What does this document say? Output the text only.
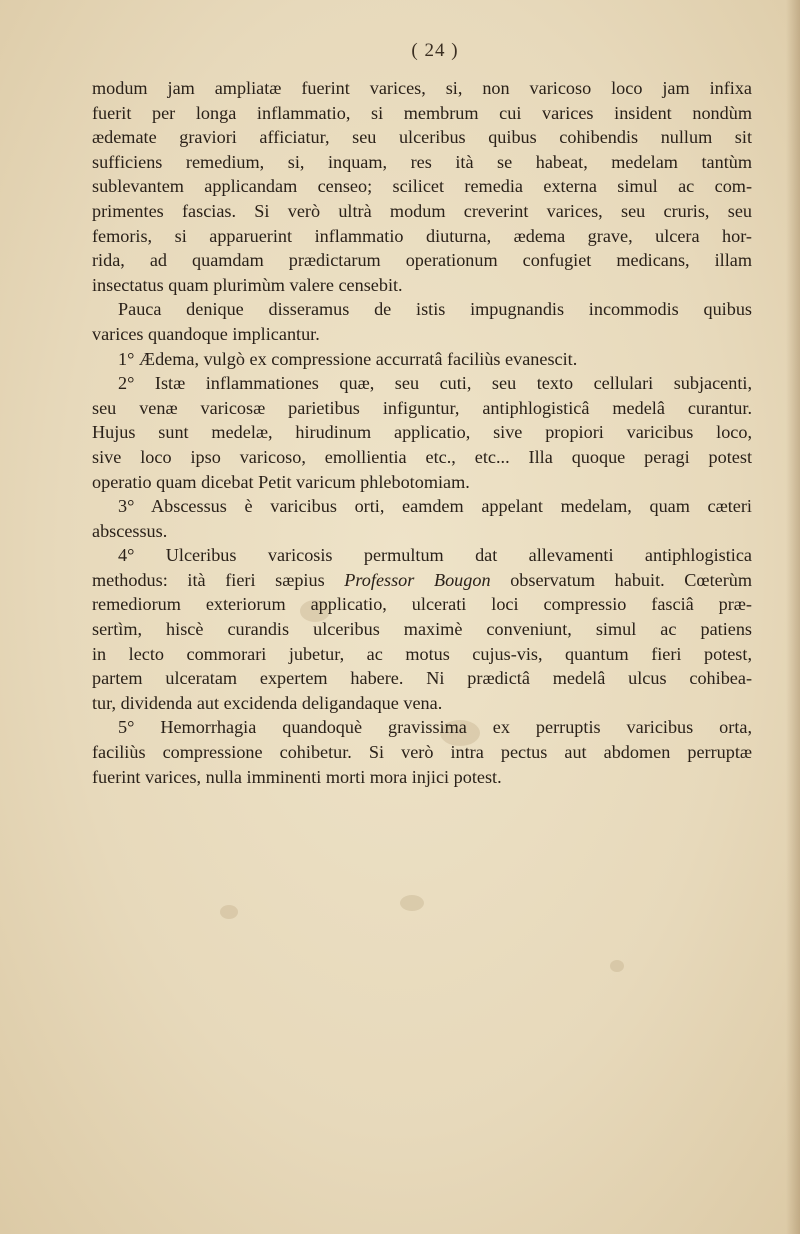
( 24 )
modum jam ampliatæ fuerint varices, si, non varicoso loco jam infixa
fuerit per longa inflammatio, si membrum cui varices insident nondùm
ædemate graviori afficiatur, seu ulceribus quibus cohibendis nullum sit
sufficiens remedium, si, inquam, res ità se habeat, medelam tantùm
sublevantem applicandam censeo; scilicet remedia externa simul ac com-
primentes fascias. Si verò ultrà modum creverint varices, seu cruris, seu
femoris, si apparuerint inflammatio diuturna, ædema grave, ulcera hor-
rida, ad quamdam prædictarum operationum confugiet medicans, illam
insectatus quam plurimùm valere censebit.
Pauca denique disseramus de istis impugnandis incommodis quibus
varices quandoque implicantur.
1° Ædema, vulgò ex compressione accurratâ faciliùs evanescit.
2° Istæ inflammationes quæ, seu cuti, seu texto cellulari subjacenti,
seu venæ varicosæ parietibus infiguntur, antiphlogisticâ medelâ curantur.
Hujus sunt medelæ, hirudinum applicatio, sive propiori varicibus loco,
sive loco ipso varicoso, emollientia etc., etc... Illa quoque peragi potest
operatio quam dicebat Petit varicum phlebotomiam.
3° Abscessus è varicibus orti, eamdem appelant medelam, quam cæteri
abscessus.
4° Ulceribus varicosis permultum dat allevamenti antiphlogistica
methodus: ità fieri sæpius Professor Bougon observatum habuit. Cœterùm
remediorum exteriorum applicatio, ulcerati loci compressio fasciâ præ-
sertìm, hiscè curandis ulceribus maximè conveniunt, simul ac patiens
in lecto commorari jubetur, ac motus cujus-vis, quantum fieri potest,
partem ulceratam expertem habere. Ni prædictâ medelâ ulcus cohibea-
tur, dividenda aut excidenda deligandaque vena.
5° Hemorrhagia quandoquè gravissima ex perruptis varicibus orta,
faciliùs compressione cohibetur. Si verò intra pectus aut abdomen perruptæ
fuerint varices, nulla imminenti morti mora injici potest.
